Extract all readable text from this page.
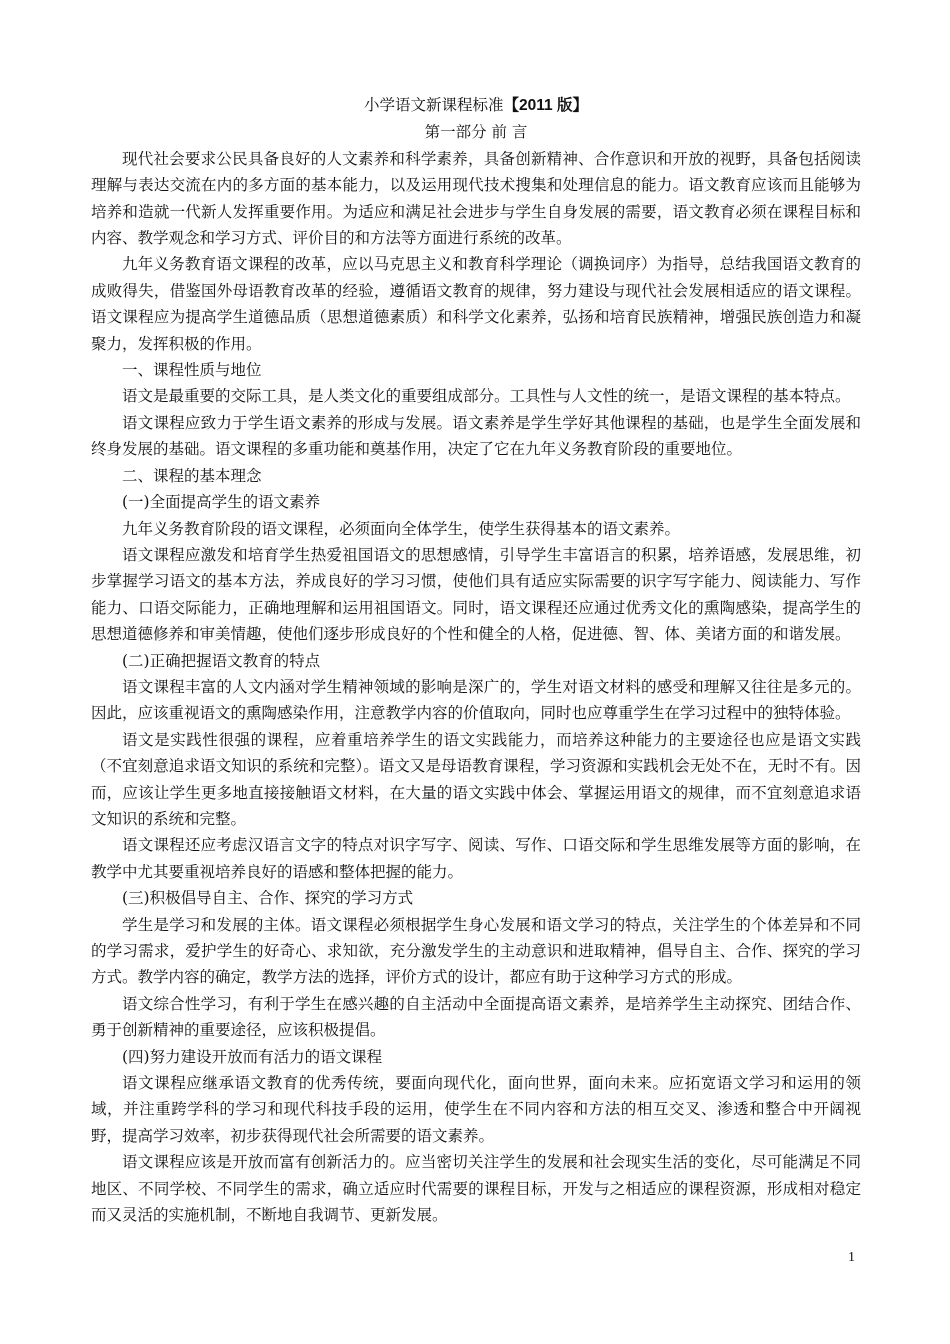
小学语文新课程标准【2011 版】
第一部分 前 言

现代社会要求公民具备良好的人文素养和科学素养，具备创新精神、合作意识和开放的视野，具备包括阅读理解与表达交流在内的多方面的基本能力，以及运用现代技术搜集和处理信息的能力。语文教育应该而且能够为培养和造就一代新人发挥重要作用。为适应和满足社会进步与学生自身发展的需要，语文教育必须在课程目标和内容、教学观念和学习方式、评价目的和方法等方面进行系统的改革。

九年义务教育语文课程的改革，应以马克思主义和教育科学理论（调换词序）为指导，总结我国语文教育的成败得失，借鉴国外母语教育改革的经验，遵循语文教育的规律，努力建设与现代社会发展相适应的语文课程。语文课程应为提高学生道德品质（思想道德素质）和科学文化素养，弘扬和培育民族精神，增强民族创造力和凝聚力，发挥积极的作用。

一、课程性质与地位

语文是最重要的交际工具，是人类文化的重要组成部分。工具性与人文性的统一，是语文课程的基本特点。

语文课程应致力于学生语文素养的形成与发展。语文素养是学生学好其他课程的基础，也是学生全面发展和终身发展的基础。语文课程的多重功能和奠基作用，决定了它在九年义务教育阶段的重要地位。

二、课程的基本理念

(一)全面提高学生的语文素养

九年义务教育阶段的语文课程，必须面向全体学生，使学生获得基本的语文素养。

语文课程应激发和培育学生热爱祖国语文的思想感情，引导学生丰富语言的积累，培养语感，发展思维，初步掌握学习语文的基本方法，养成良好的学习习惯，使他们具有适应实际需要的识字写字能力、阅读能力、写作能力、口语交际能力，正确地理解和运用祖国语文。同时，语文课程还应通过优秀文化的熏陶感染，提高学生的思想道德修养和审美情趣，使他们逐步形成良好的个性和健全的人格，促进德、智、体、美诸方面的和谐发展。

(二)正确把握语文教育的特点

语文课程丰富的人文内涵对学生精神领域的影响是深广的，学生对语文材料的感受和理解又往往是多元的。因此，应该重视语文的熏陶感染作用，注意教学内容的价值取向，同时也应尊重学生在学习过程中的独特体验。

语文是实践性很强的课程，应着重培养学生的语文实践能力，而培养这种能力的主要途径也应是语文实践（不宜刻意追求语文知识的系统和完整）。语文又是母语教育课程，学习资源和实践机会无处不在，无时不有。因而，应该让学生更多地直接接触语文材料，在大量的语文实践中体会、掌握运用语文的规律，而不宜刻意追求语文知识的系统和完整。

语文课程还应考虑汉语言文字的特点对识字写字、阅读、写作、口语交际和学生思维发展等方面的影响，在教学中尤其要重视培养良好的语感和整体把握的能力。

(三)积极倡导自主、合作、探究的学习方式

学生是学习和发展的主体。语文课程必须根据学生身心发展和语文学习的特点，关注学生的个体差异和不同的学习需求，爱护学生的好奇心、求知欲，充分激发学生的主动意识和进取精神，倡导自主、合作、探究的学习方式。教学内容的确定，教学方法的选择，评价方式的设计，都应有助于这种学习方式的形成。

语文综合性学习，有利于学生在感兴趣的自主活动中全面提高语文素养，是培养学生主动探究、团结合作、勇于创新精神的重要途径，应该积极提倡。

(四)努力建设开放而有活力的语文课程

语文课程应继承语文教育的优秀传统，要面向现代化，面向世界，面向未来。应拓宽语文学习和运用的领域，并注重跨学科的学习和现代科技手段的运用，使学生在不同内容和方法的相互交叉、渗透和整合中开阔视野，提高学习效率，初步获得现代社会所需要的语文素养。

语文课程应该是开放而富有创新活力的。应当密切关注学生的发展和社会现实生活的变化，尽可能满足不同地区、不同学校、不同学生的需求，确立适应时代需要的课程目标，开发与之相适应的课程资源，形成相对稳定而又灵活的实施机制，不断地自我调节、更新发展。

1
